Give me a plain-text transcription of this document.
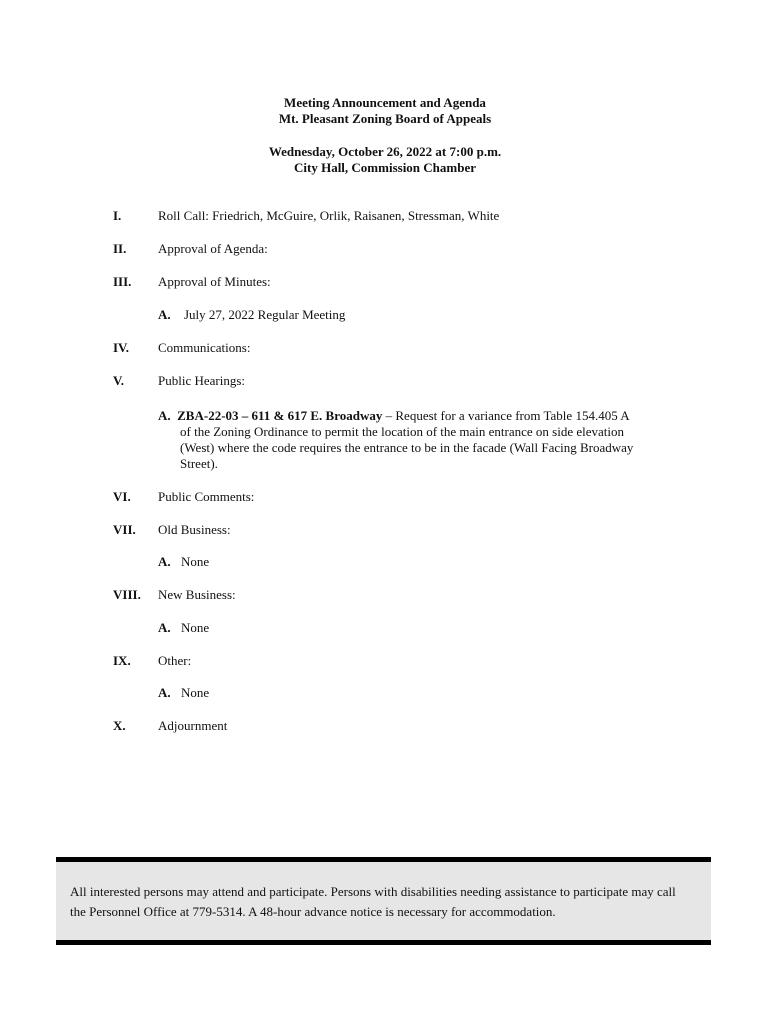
Meeting Announcement and Agenda
Mt. Pleasant Zoning Board of Appeals
Wednesday, October 26, 2022 at 7:00 p.m.
City Hall, Commission Chamber
I.	Roll Call: Friedrich, McGuire, Orlik, Raisanen, Stressman, White
II. Approval of Agenda:
III. Approval of Minutes:
A. July 27, 2022 Regular Meeting
IV. Communications:
V.	Public Hearings:
A. ZBA-22-03 – 611 & 617 E. Broadway – Request for a variance from Table 154.405 A
of the Zoning Ordinance to permit the location of the main entrance on side elevation
(West) where the code requires the entrance to be in the facade (Wall Facing Broadway
Street).
VI. Public Comments:
VII. Old Business:
A. None
VIII. New Business:
A. None
IX. Other:
A. None
X. Adjournment
All interested persons may attend and participate. Persons with disabilities needing assistance to participate may call
the Personnel Office at 779-5314. A 48-hour advance notice is necessary for accommodation.
